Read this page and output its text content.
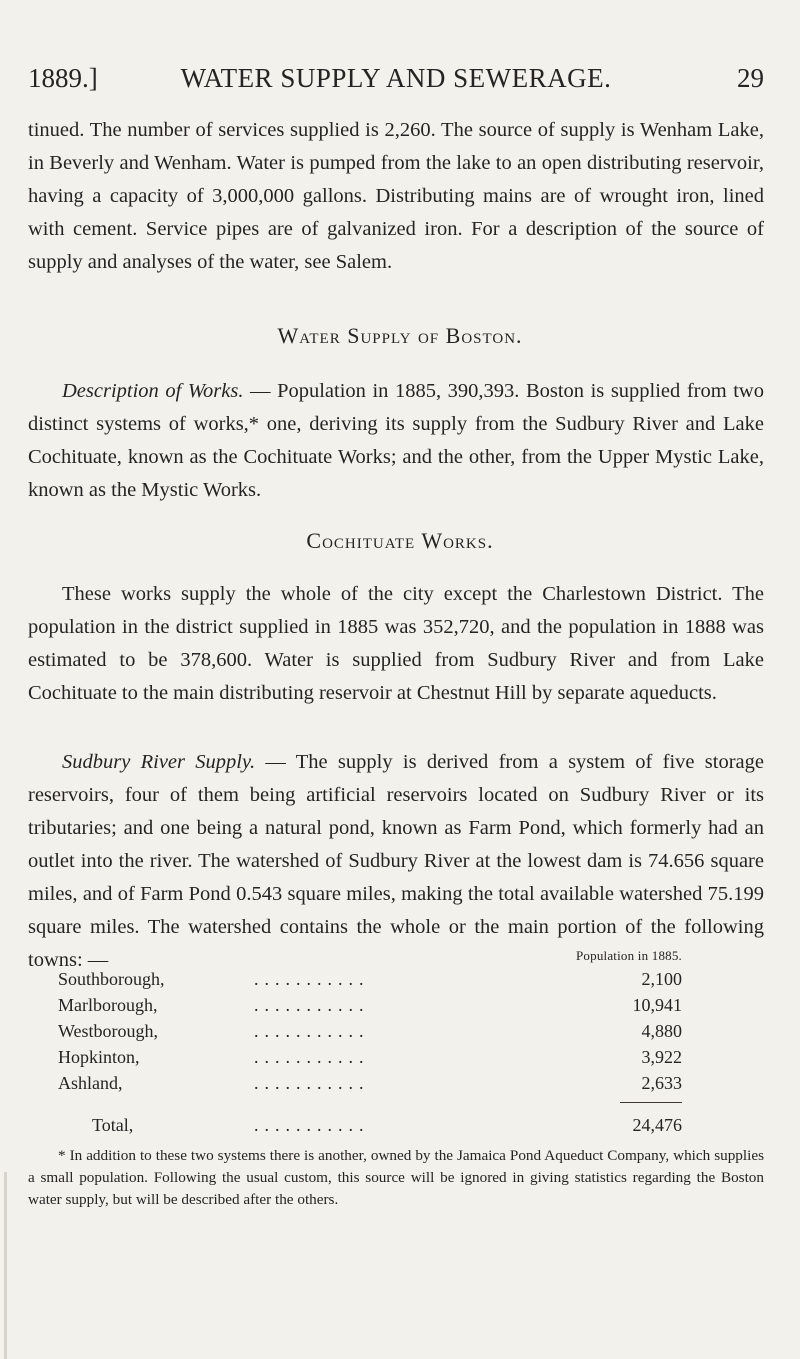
1889.]	WATER SUPPLY AND SEWERAGE.	29

tinued. The number of services supplied is 2,260. The source of supply is Wenham Lake, in Beverly and Wenham. Water is pumped from the lake to an open distributing reservoir, having a capacity of 3,000,000 gallons. Distributing mains are of wrought iron, lined with cement. Service pipes are of galvanized iron. For a description of the source of supply and analyses of the water, see Salem.

Water Supply of Boston.

Description of Works. — Population in 1885, 390,393. Boston is supplied from two distinct systems of works,* one, deriving its supply from the Sudbury River and Lake Cochituate, known as the Cochituate Works; and the other, from the Upper Mystic Lake, known as the Mystic Works.

Cochituate Works.

These works supply the whole of the city except the Charlestown District. The population in the district supplied in 1885 was 352,720, and the population in 1888 was estimated to be 378,600. Water is supplied from Sudbury River and from Lake Cochituate to the main distributing reservoir at Chestnut Hill by separate aqueducts.

Sudbury River Supply. — The supply is derived from a system of five storage reservoirs, four of them being artificial reservoirs located on Sudbury River or its tributaries; and one being a natural pond, known as Farm Pond, which formerly had an outlet into the river. The watershed of Sudbury River at the lowest dam is 74.656 square miles, and of Farm Pond 0.543 square miles, making the total available watershed 75.199 square miles. The watershed contains the whole or the main portion of the following towns: —	Population in 1885.
Southborough,	...........	2,100
Marlborough,	...........	10,941
Westborough,	...........	4,880
Hopkinton,	...........	3,922
Ashland,	...........	2,633
Total,	...........	24,476

* In addition to these two systems there is another, owned by the Jamaica Pond Aqueduct Company, which supplies a small population. Following the usual custom, this source will be ignored in giving statistics regarding the Boston water supply, but will be described after the others.
